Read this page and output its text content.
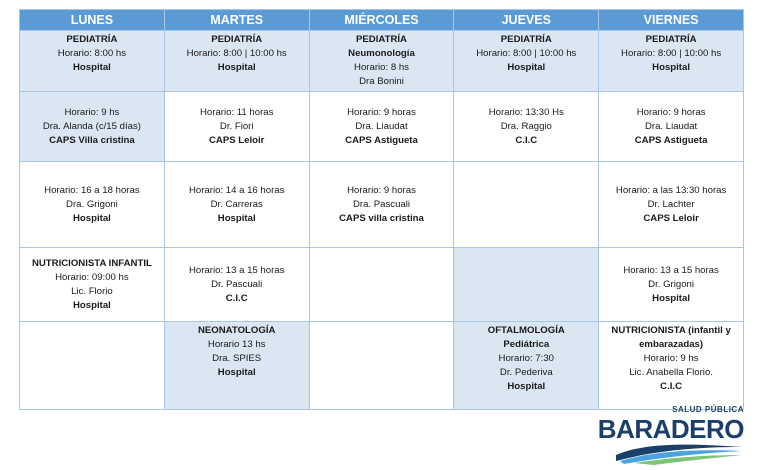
LUNES	MARTES	MIÉRCOLES	JUEVES	VIERNES

PEDIATRÍA
Horario: 8:00 hs
Hospital	PEDIATRÍA
Horario: 8:00 | 10:00 hs
Hospital	PEDIATRÍA
Neumonología
Horario: 8 hs
Dra Bonini	PEDIATRÍA
Horario: 8:00 | 10:00 hs
Hospital	PEDIATRÍA
Horario: 8:00 | 10:00 hs
Hospital

Horario: 9 hs
Dra. Alanda (c/15 días)
CAPS Villa cristina	Horario: 11 horas
Dr. Fiori
CAPS Leloir	Horario: 9 horas
Dra. Liaudat
CAPS Astigueta	Horario: 13:30 Hs
Dra. Raggio
C.I.C	Horario: 9 horas
Dra. Liaudat
CAPS Astigueta

Horario: 16 a 18 horas
Dra. Grigoni
Hospital	Horario: 14 a 16 horas
Dr. Carreras
Hospital	Horario: 9 horas
Dra. Pascuali
CAPS villa cristina		Horario: a las 13:30 horas
Dr. Lachter
CAPS Leloir

NUTRICIONISTA INFANTIL
Horario: 09:00 hs
Lic. Florio
Hospital	Horario: 13 a 15 horas
Dr. Pascuali
C.I.C			Horario: 13 a 15 horas
Dr. Grigoni
Hospital

	NEONATOLOGÍA
Horario 13 hs
Dra. SPIES
Hospital		OFTALMOLOGÍA
Pediátrica
Horario: 7:30
Dr. Pederiva
Hospital	NUTRICIONISTA (infantil y embarazadas)
Horario: 9 hs
Lic. Anabella Florio.
C.I.C
SALUD PÚBLICA
BARADERO
